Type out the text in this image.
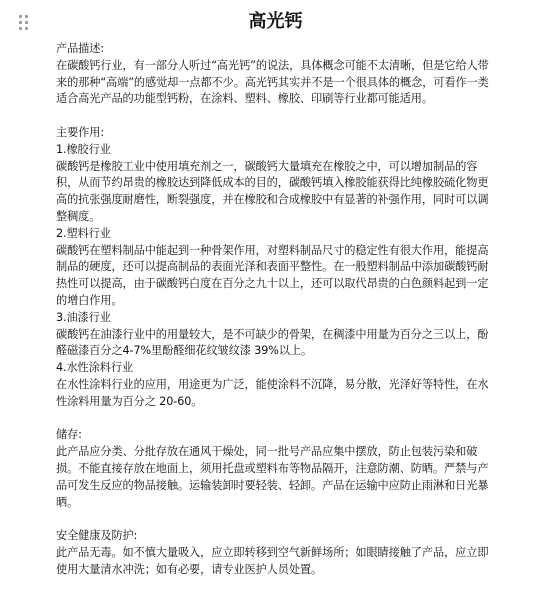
高光钙

产品描述:

在碳酸钙行业，有一部分人听过“高光钙”的说法，具体概念可能不太清晰，但是它给人带来的那种“高端”的感觉却一点都不少。高光钙其实并不是一个很具体的概念，可看作一类适合高光产品的功能型钙粉，在涂料、塑料、橡胶、印刷等行业都可能适用。

主要作用:

1.橡胶行业

碳酸钙是橡胶工业中使用填充剂之一，碳酸钙大量填充在橡胶之中，可以增加制品的容积，从而节约昂贵的橡胶达到降低成本的目的，碳酸钙填入橡胶能获得比纯橡胶硫化物更高的抗张强度耐磨性，断裂强度，并在橡胶和合成橡胶中有显著的补强作用，同时可以调整稠度。

2.塑料行业

碳酸钙在塑料制品中能起到一种骨架作用，对塑料制品尺寸的稳定性有很大作用，能提高制品的硬度，还可以提高制品的表面光泽和表面平整性。在一般塑料制品中添加碳酸钙耐热性可以提高，由于碳酸钙白度在百分之九十以上，还可以取代昂贵的白色颜料起到一定的增白作用。

3.油漆行业

碳酸钙在油漆行业中的用量较大，是不可缺少的骨架，在稠漆中用量为百分之三以上，酚醛磁漆百分之4-7%里酚醛细花纹皱纹漆 39%以上。

4.水性涂料行业

在水性涂料行业的应用，用途更为广泛，能使涂料不沉降，易分散，光泽好等特性，在水性涂料用量为百分之 20-60。

储存:

此产品应分类、分批存放在通风干燥处，同一批号产品应集中摆放，防止包装污染和破损。不能直接存放在地面上，须用托盘或塑料布等物品隔开，注意防潮、防晒。严禁与产品可发生反应的物品接触。运输装卸时要轻装、轻卸。产品在运输中应防止雨淋和日光暴晒。

安全健康及防护:

此产品无毒。如不慎大量吸入，应立即转移到空气新鲜场所；如眼睛接触了产品，应立即使用大量清水冲洗；如有必要，请专业医护人员处置。
